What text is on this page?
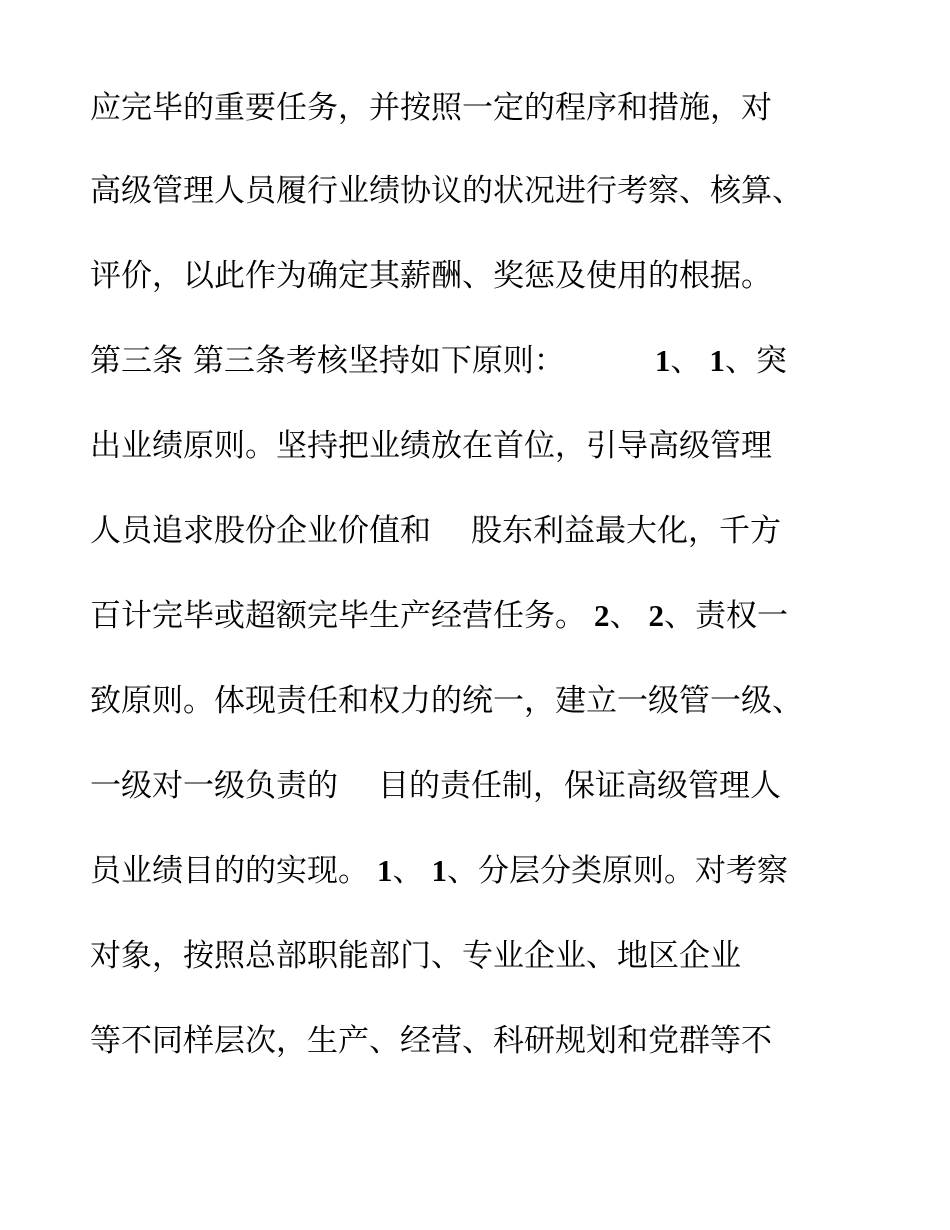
应完毕的重要任务，并按照一定的程序和措施，对
高级管理人员履行业绩协议的状况进行考察、核算、
评价，以此作为确定其薪酬、奖惩及使用的根据。
第三条 第三条考核坚持如下原则：	1、 1、突
出业绩原则。坚持把业绩放在首位，引导高级管理
人员追求股份企业价值和 股东利益最大化，千方
百计完毕或超额完毕生产经营任务。 2、 2、责权一
致原则。体现责任和权力的统一，建立一级管一级、
一级对一级负责的 目的责任制，保证高级管理人
员业绩目的的实现。 1、 1、分层分类原则。对考察
对象，按照总部职能部门、专业企业、地区企业
等不同样层次，生产、经营、科研规划和党群等不
